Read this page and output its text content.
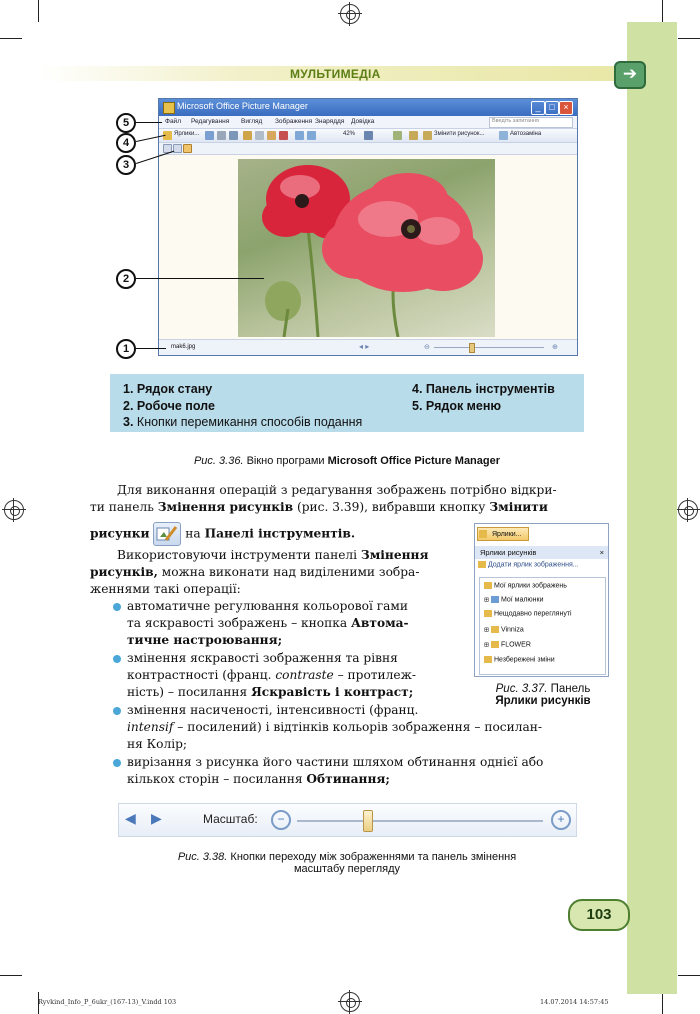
МУЛЬТИМЕДІА	➔
Microsoft Office Picture Manager	_ □ ×
Файл Редагування Вигляд Зображення Знаряддя Довідка	Введіть запитання
Ярлики...	42%	Змінити рисунок...	Автозаміна
mak6.jpg	◂ ▸	⊖	⊕
5
4
3
2
1
1. Рядок стану
2. Робоче поле
3. Кнопки перемикання способів подання
4. Панель інструментів
5. Рядок меню
Рис. 3.36. Вікно програми Microsoft Office Picture Manager
Для виконання операцій з редагування зображень потрібно відкри-
ти панель Змінення рисунків (рис. 3.39), вибравши кнопку Змінити
рисунки	на Панелі інструментів.
Використовуючи інструменти панелі Змінення
рисунків, можна виконати над виділеними зобра-
женнями такі операції:
автоматичне регулювання кольорової гами
та яскравості зображень – кнопка Автома-
тичне настроювання;
змінення яскравості зображення та рівня
контрастності (франц. contraste – протилеж-
ність) – посилання Яскравість і контраст;
змінення насиченості, інтенсивності (франц.
intensif – посилений) і відтінків кольорів зображення – посилан-
ня Колір;
вирізання з рисунка його частини шляхом обтинання однієї або
кількох сторін – посилання Обтинання;
Ярлики...
Ярлики рисунків	×
Додати ярлик зображення...
Мої ярлики зображень
⊞ Мої малюнки
Нещодавно переглянуті
⊞ Vinniza
⊞ FLOWER
Незбережені зміни
Рис. 3.37. Панель
Ярлики рисунків
◀ ▶	Масштаб:	−	+
Рис. 3.38. Кнопки переходу між зображеннями та панель змінення
масштабу перегляду
103
Ryvkind_Info_P_6ukr_(167-13)_V.indd 103	14.07.2014 14:57:45
